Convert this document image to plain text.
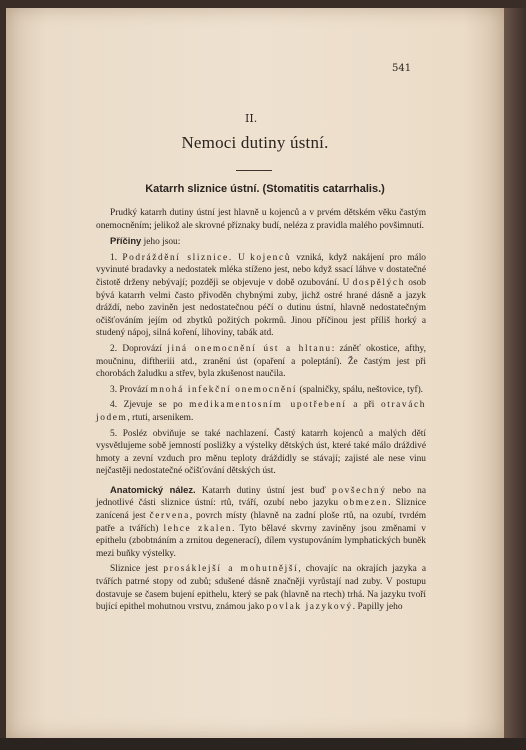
541
II.
Nemoci dutiny ústní.
Katarrh sliznice ústní. (Stomatitis catarrhalis.)

Prudký katarrh dutiny ústní jest hlavně u kojenců a v prvém dětském věku častým onemocněním; jelikož ale skrovné příznaky budí, neléza z pravidla malého povšimnutí.

Příčiny jeho jsou:

1. Podráždění sliznice. U kojenců vzniká, když nakájení pro málo vyvinuté bradavky a nedostatek mléka stíženo jest, nebo když ssací láhve v dostatečné čistotě drženy nebývají; později se objevuje v době ozubování. U dospělých osob bývá katarrh velmi často přivoděn chybnými zuby, jichž ostré hrané dásně a jazyk dráždí, nebo zaviněn jest nedostatečnou péčí o dutinu ústní, hlavně nedostatečným očišťováním jejím od zbytků požitých pokrmů. Jinou příčinou jest příliš horký a studený nápoj, silná koření, lihoviny, tabák atd.

2. Doprovází jiná onemocnění úst a hltanu: záněť okostice, afthy, moučninu, diftheriii atd., zranění úst (opaření a poleptání). Že častým jest při chorobách žaludku a střev, byla zkušenost naučila.

3. Provází mnohá infekční onemocnění (spalničky, spálu, neštovice, tyf).

4. Zjevuje se po medikamentosním upotřebení a při otravách jodem, rtuti, arsenikem.

5. Posléz obviňuje se také nachlazení. Častý katarrh kojenců a malých dětí vysvětlujeme sobě jemností posližky a výstelky dětských úst, které také málo dráždivé hmoty a zevní vzduch pro měnu teploty dráždidly se stávají; zajisté ale nese vinu nejčastěji nedostatečné očišťování dětských úst.

Anatomický nález. Katarrh dutiny ústní jest buď povšechný nebo na jednotlivé části sliznice ústní: rtů, tváří, ozubí nebo jazyku obmezen. Sliznice zanícená jest červena, povrch místy (hlavně na zadní ploše rtů, na ozubí, tvrdém patře a tvářích) lehce zkalen. Tyto bělavé skvrny zaviněny jsou změnami v epithelu (zbobtnáním a zrnitou degenerací), dílem vystupováním lymphatických buněk mezi buňky výstelky.

Sliznice jest prosáklejší a mohutnější, chovajíc na okrajích jazyka a tvářích patrné stopy od zubů; sdušené dásně značněji vyrůstají nad zuby. V postupu dostavuje se časem bujení epithelu, který se pak (hlavně na rtech) trhá. Na jazyku tvoří bující epithel mohutnou vrstvu, známou jako povlak jazykový. Papilly jeho
